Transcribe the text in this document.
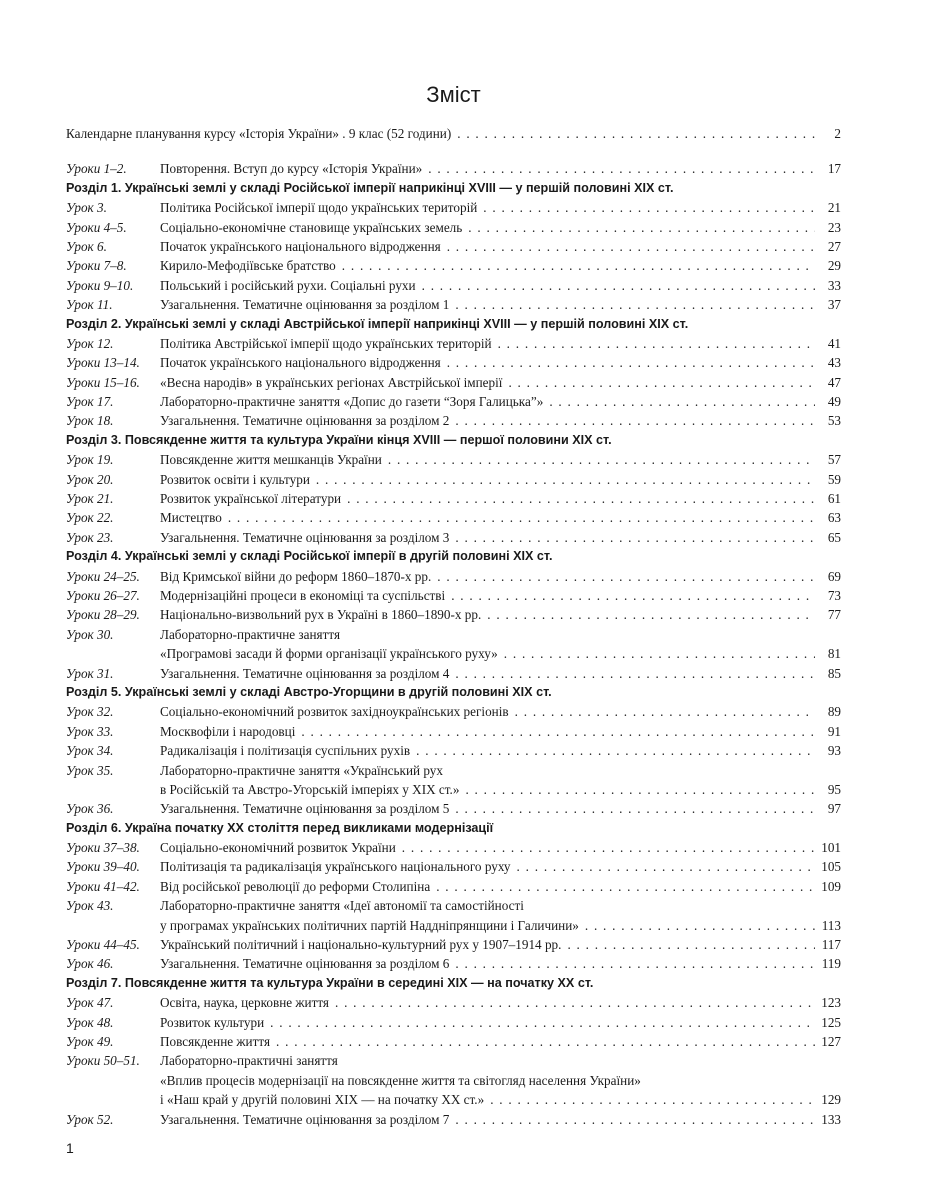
Зміст
Календарне планування курсу «Історія України» . 9 клас (52 години) . . .	2
Уроки 1–2.	Повторення. Вступ до курсу «Історія України» . . .	17
Розділ 1. Українські землі у складі Російської імперії наприкінці XVIII — у першій половині XIX ст.
Урок 3.	Політика Російської імперії щодо українських територій . . .	21
Уроки 4–5.	Соціально-економічне становище українських земель . . .	23
Урок 6.	Початок українського національного відродження . . .	27
Уроки 7–8.	Кирило-Мефодіївське братство . . .	29
Уроки 9–10.	Польський і російський рухи. Соціальні рухи . . .	33
Урок 11.	Узагальнення. Тематичне оцінювання за розділом 1 . . .	37
Розділ 2. Українські землі у складі Австрійської імперії наприкінці XVIII — у першій половині XIX ст.
Урок 12.	Політика Австрійської імперії щодо українських територій . . .	41
Уроки 13–14.	Початок українського національного відродження . . .	43
Уроки 15–16.	«Весна народів» в українських регіонах Австрійської імперії . . .	47
Урок 17.	Лабораторно-практичне заняття «Допис до газети “Зоря Галицька”» . . .	49
Урок 18.	Узагальнення. Тематичне оцінювання за розділом 2 . . .	53
Розділ 3. Повсякденне життя та культура України кінця XVIII — першої половини XIX ст.
Урок 19.	Повсякденне життя мешканців України . . .	57
Урок 20.	Розвиток освіти і культури . . .	59
Урок 21.	Розвиток української літератури . . .	61
Урок 22.	Мистецтво . . .	63
Урок 23.	Узагальнення. Тематичне оцінювання за розділом 3 . . .	65
Розділ 4. Українські землі у складі Російської імперії в другій половині XIX ст.
Уроки 24–25.	Від Кримської війни до реформ 1860–1870-х рр. . . .	69
Уроки 26–27.	Модернізаційні процеси в економіці та суспільстві . . .	73
Уроки 28–29.	Національно-визвольний рух в Україні в 1860–1890-х рр. . . .	77
Урок 30.	Лабораторно-практичне заняття
«Програмові засади й форми організації українського руху» . . .	81
Урок 31.	Узагальнення. Тематичне оцінювання за розділом 4 . . .	85
Розділ 5. Українські землі у складі Австро-Угорщини в другій половині XIX ст.
Урок 32.	Соціально-економічний розвиток західноукраїнських регіонів . . .	89
Урок 33.	Москвофіли і народовці . . .	91
Урок 34.	Радикалізація і політизація суспільних рухів . . .	93
Урок 35.	Лабораторно-практичне заняття «Український рух
в Російській та Австро-Угорській імперіях у XIX ст.» . . .	95
Урок 36.	Узагальнення. Тематичне оцінювання за розділом 5 . . .	97
Розділ 6. Україна початку XX століття перед викликами модернізації
Уроки 37–38.	Соціально-економічний розвиток України . . .	101
Уроки 39–40.	Політизація та радикалізація українського національного руху . . .	105
Уроки 41–42.	Від російської революції до реформи Столипіна . . .	109
Урок 43.	Лабораторно-практичне заняття «Ідеї автономії та самостійності
у програмах українських політичних партій Наддніпрянщини і Галичини» . . .	113
Уроки 44–45.	Український політичний і національно-культурний рух у 1907–1914 рр. . . .	117
Урок 46.	Узагальнення. Тематичне оцінювання за розділом 6 . . .	119
Розділ 7. Повсякденне життя та культура України в середині XIX — на початку XX ст.
Урок 47.	Освіта, наука, церковне життя . . .	123
Урок 48.	Розвиток культури . . .	125
Урок 49.	Повсякденне життя . . .	127
Уроки 50–51.	Лабораторно-практичні заняття
«Вплив процесів модернізації на повсякденне життя та світогляд населення України»
і «Наш край у другій половині XIX — на початку XX ст.» . . .	129
Урок 52.	Узагальнення. Тематичне оцінювання за розділом 7 . . .	133
1
